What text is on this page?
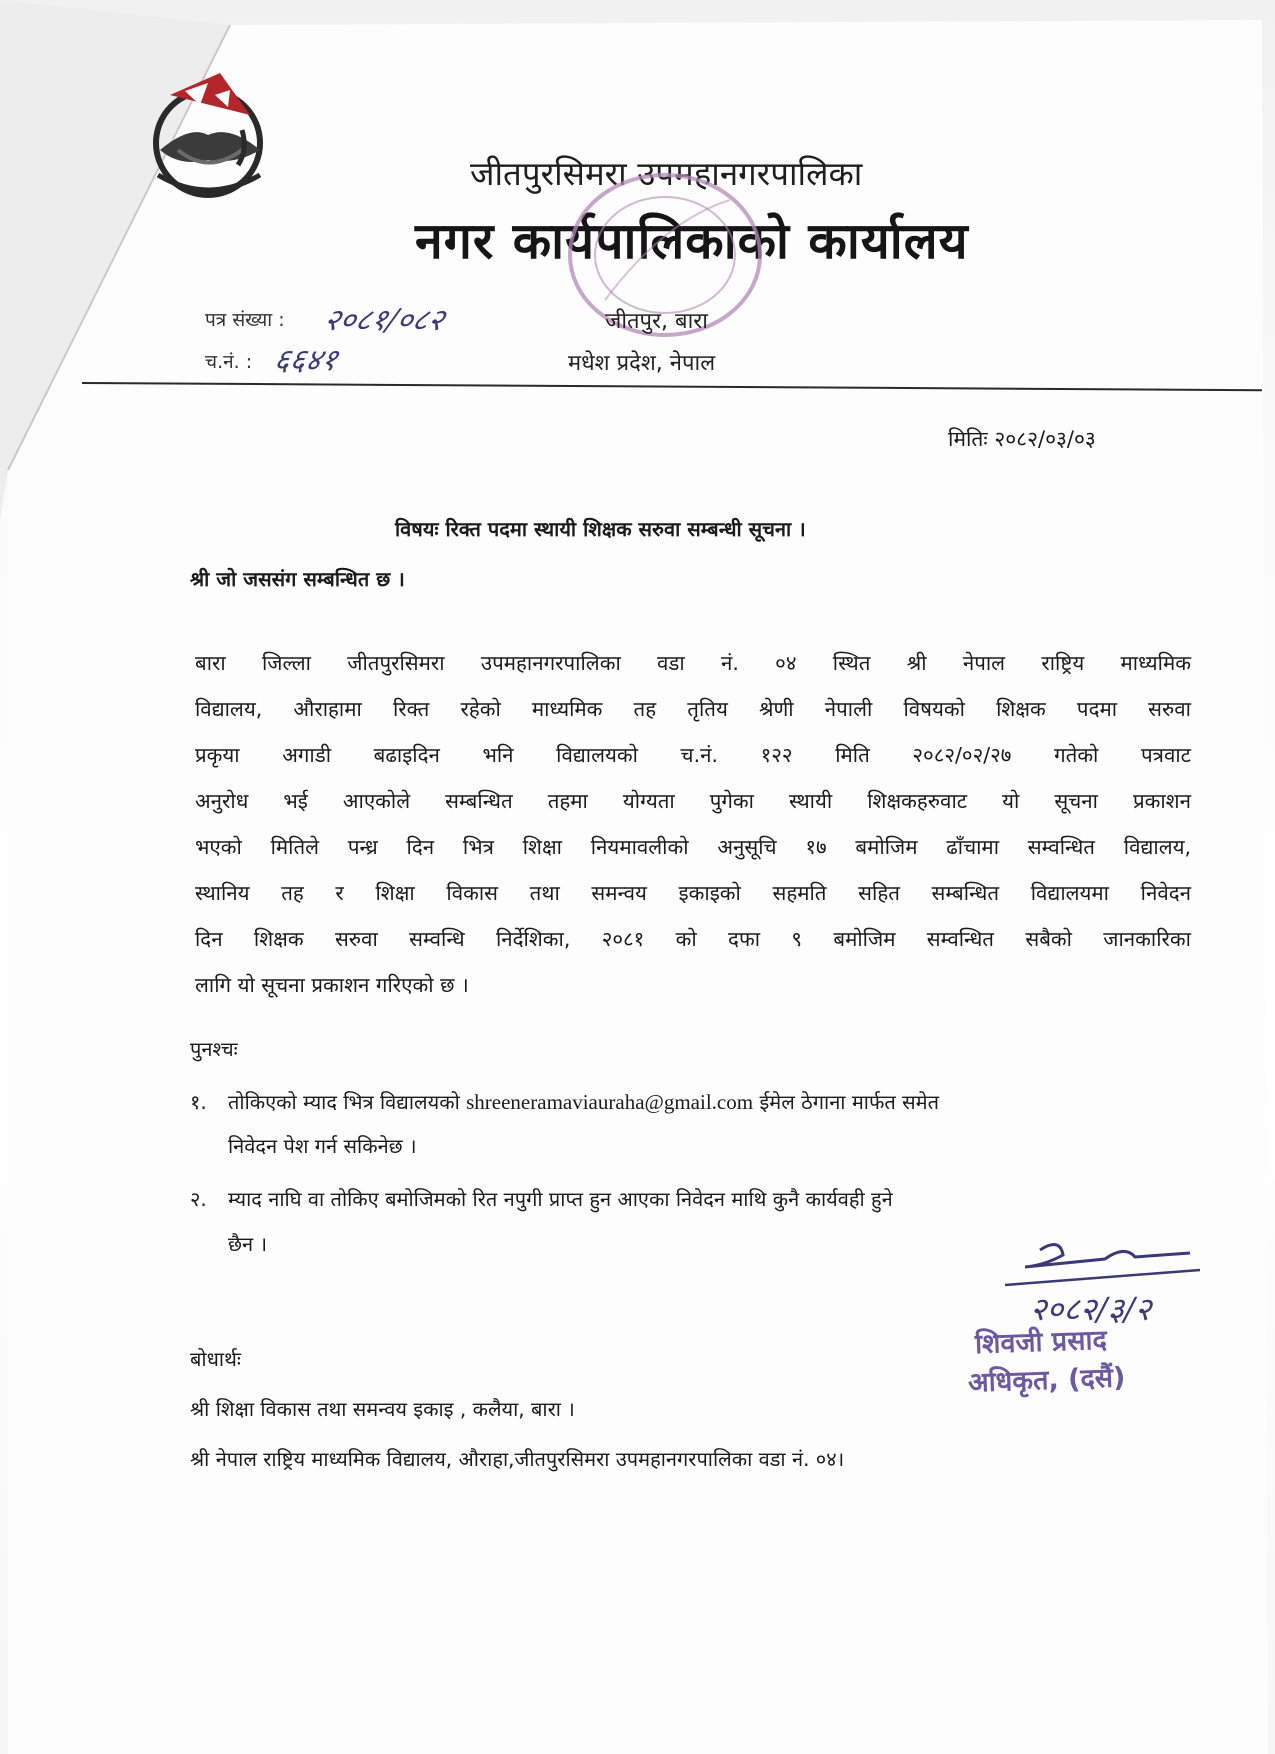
जीतपुरसिमरा उपमहानगरपालिका
नगर कार्यपालिकाको कार्यालय
पत्र संख्या : २०८१/०८२
च.नं. : ६६४१
जीतपुर, बारा
मधेश प्रदेश, नेपाल
मितिः २०८२/०३/०३
विषयः रिक्त पदमा स्थायी शिक्षक सरुवा सम्बन्धी सूचना ।
श्री जो जससंग सम्बन्धित छ ।
बारा जिल्ला जीतपुरसिमरा उपमहानगरपालिका वडा नं. ०४ स्थित श्री नेपाल राष्ट्रिय माध्यमिक
विद्यालय, औराहामा रिक्त रहेको माध्यमिक तह तृतिय श्रेणी नेपाली विषयको शिक्षक पदमा सरुवा
प्रकृया अगाडी बढाइदिन भनि विद्यालयको च.नं. १२२ मिति २०८२/०२/२७ गतेको पत्रवाट
अनुरोध भई आएकोले सम्बन्धित तहमा योग्यता पुगेका स्थायी शिक्षकहरुवाट यो सूचना प्रकाशन
भएको मितिले पन्ध्र दिन भित्र शिक्षा नियमावलीको अनुसूचि १७ बमोजिम ढाँचामा सम्वन्धित विद्यालय,
स्थानिय तह र शिक्षा विकास तथा समन्वय इकाइको सहमति सहित सम्बन्धित विद्यालयमा निवेदन
दिन शिक्षक सरुवा सम्वन्धि निर्देशिका, २०८१ को दफा ९ बमोजिम सम्वन्धित सबैको जानकारिका
लागि यो सूचना प्रकाशन गरिएको छ ।
पुनश्चः
१. तोकिएको म्याद भित्र विद्यालयको shreeneramaviauraha@gmail.com ईमेल ठेगाना मार्फत समेत
निवेदन पेश गर्न सकिनेछ ।
२. म्याद नाघि वा तोकिए बमोजिमको रित नपुगी प्राप्त हुन आएका निवेदन माथि कुनै कार्यवही हुने
छैन ।
२०८२/३/२
शिवजी प्रसाद
अधिकृत, (दसैं)
बोधार्थः
श्री शिक्षा विकास तथा समन्वय इकाइ , कलैया, बारा ।
श्री नेपाल राष्ट्रिय माध्यमिक विद्यालय, औराहा,जीतपुरसिमरा उपमहानगरपालिका वडा नं. ०४।
